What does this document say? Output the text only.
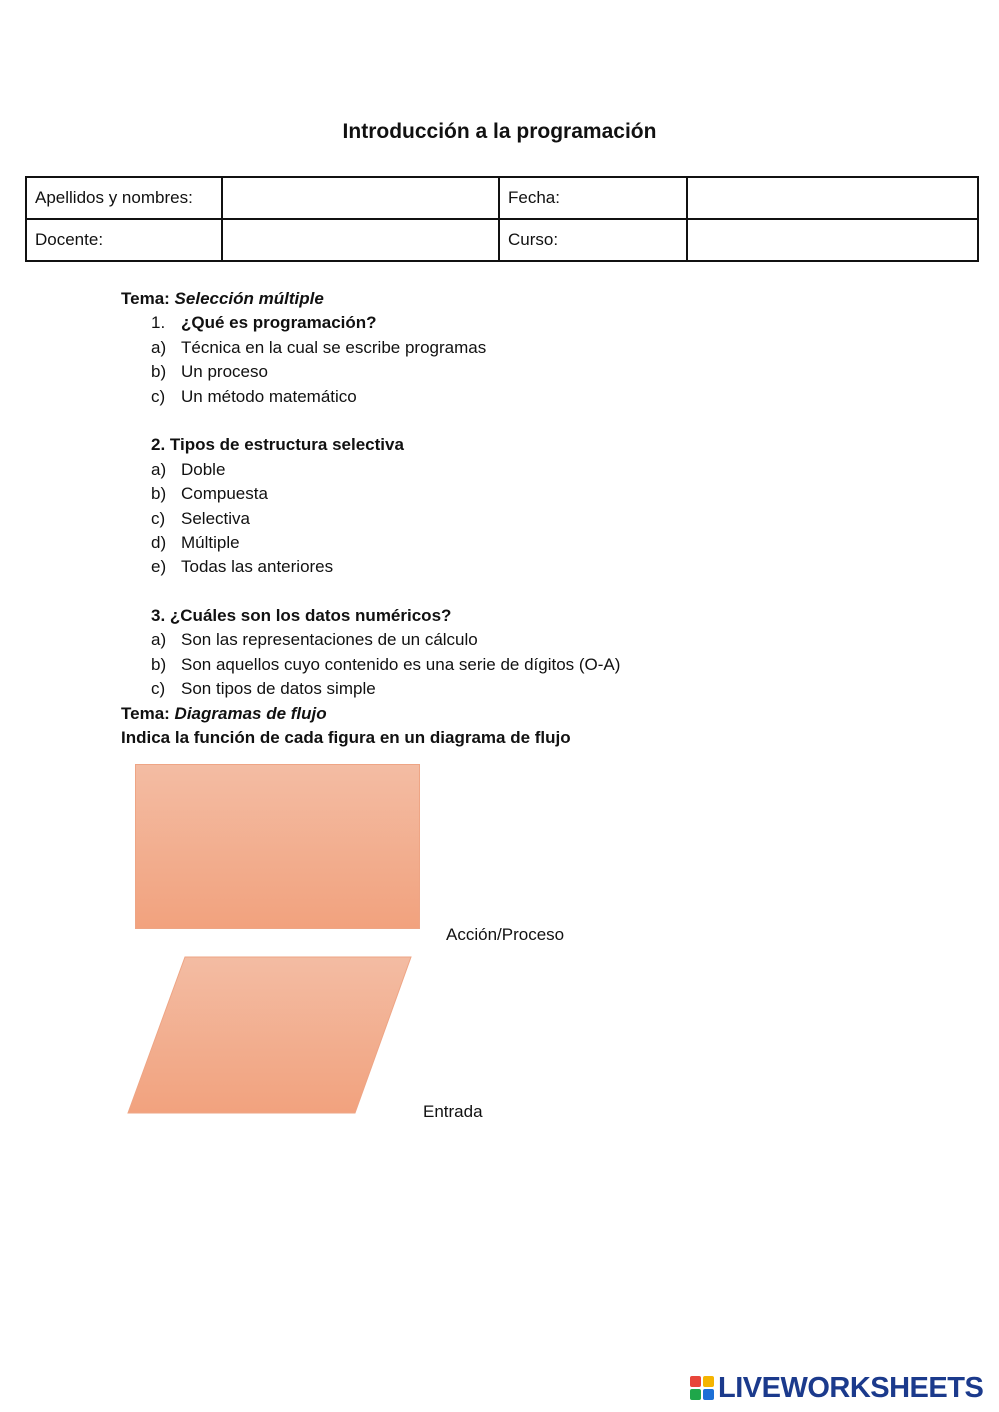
Introducción a la programación
Apellidos y nombres:		Fecha:	
Docente:		Curso:	
Tema: Selección múltiple
1. ¿Qué es programación?
a) Técnica en la cual se escribe programas
b) Un proceso
c) Un método matemático
2. Tipos de estructura selectiva
a) Doble
b) Compuesta
c) Selectiva
d) Múltiple
e) Todas las anteriores
3. ¿Cuáles son los datos numéricos?
a) Son las representaciones de un cálculo
b) Son aquellos cuyo contenido es una serie de dígitos (O-A)
c) Son tipos de datos simple
Tema: Diagramas de flujo
Indica la función de cada figura en un diagrama de flujo
Acción/Proceso
Entrada
LIVEWORKSHEETS
